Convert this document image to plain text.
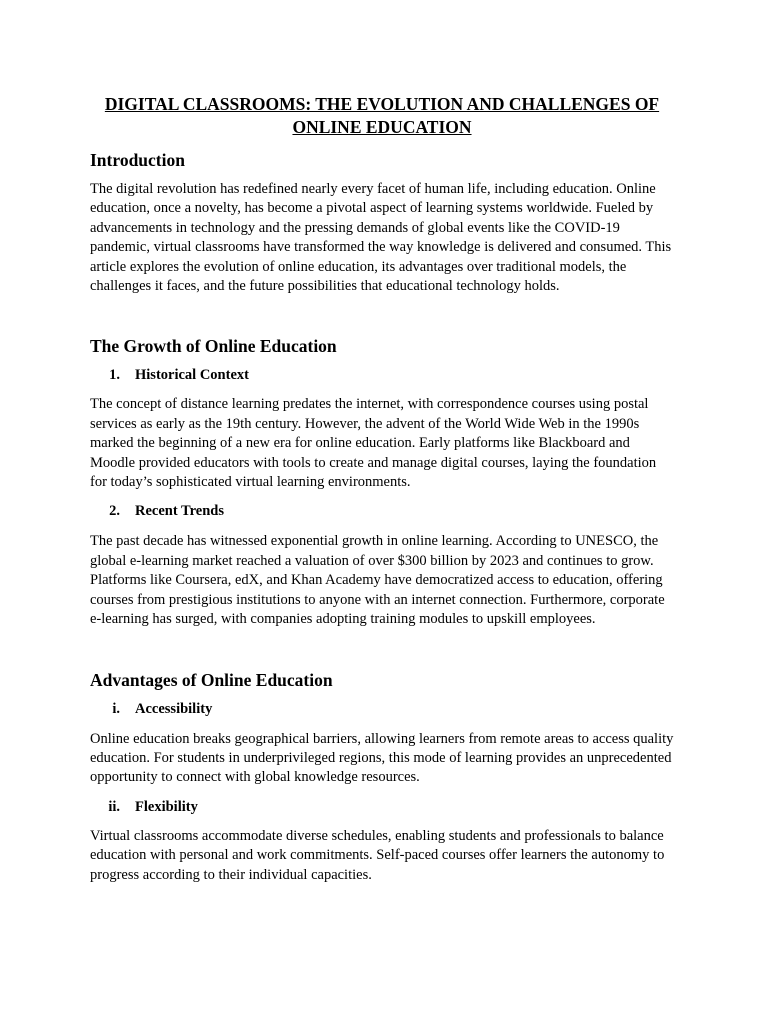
DIGITAL CLASSROOMS: THE EVOLUTION AND CHALLENGES OF ONLINE EDUCATION
Introduction

The digital revolution has redefined nearly every facet of human life, including education. Online education, once a novelty, has become a pivotal aspect of learning systems worldwide. Fueled by advancements in technology and the pressing demands of global events like the COVID-19 pandemic, virtual classrooms have transformed the way knowledge is delivered and consumed. This article explores the evolution of online education, its advantages over traditional models, the challenges it faces, and the future possibilities that educational technology holds.

The Growth of Online Education
1.	Historical Context

The concept of distance learning predates the internet, with correspondence courses using postal services as early as the 19th century. However, the advent of the World Wide Web in the 1990s marked the beginning of a new era for online education. Early platforms like Blackboard and Moodle provided educators with tools to create and manage digital courses, laying the foundation for today’s sophisticated virtual learning environments.

2.	Recent Trends

The past decade has witnessed exponential growth in online learning. According to UNESCO, the global e-learning market reached a valuation of over $300 billion by 2023 and continues to grow. Platforms like Coursera, edX, and Khan Academy have democratized access to education, offering courses from prestigious institutions to anyone with an internet connection. Furthermore, corporate e-learning has surged, with companies adopting training modules to upskill employees.

Advantages of Online Education
i.	Accessibility

Online education breaks geographical barriers, allowing learners from remote areas to access quality education. For students in underprivileged regions, this mode of learning provides an unprecedented opportunity to connect with global knowledge resources.

ii.	Flexibility

Virtual classrooms accommodate diverse schedules, enabling students and professionals to balance education with personal and work commitments. Self-paced courses offer learners the autonomy to progress according to their individual capacities.
